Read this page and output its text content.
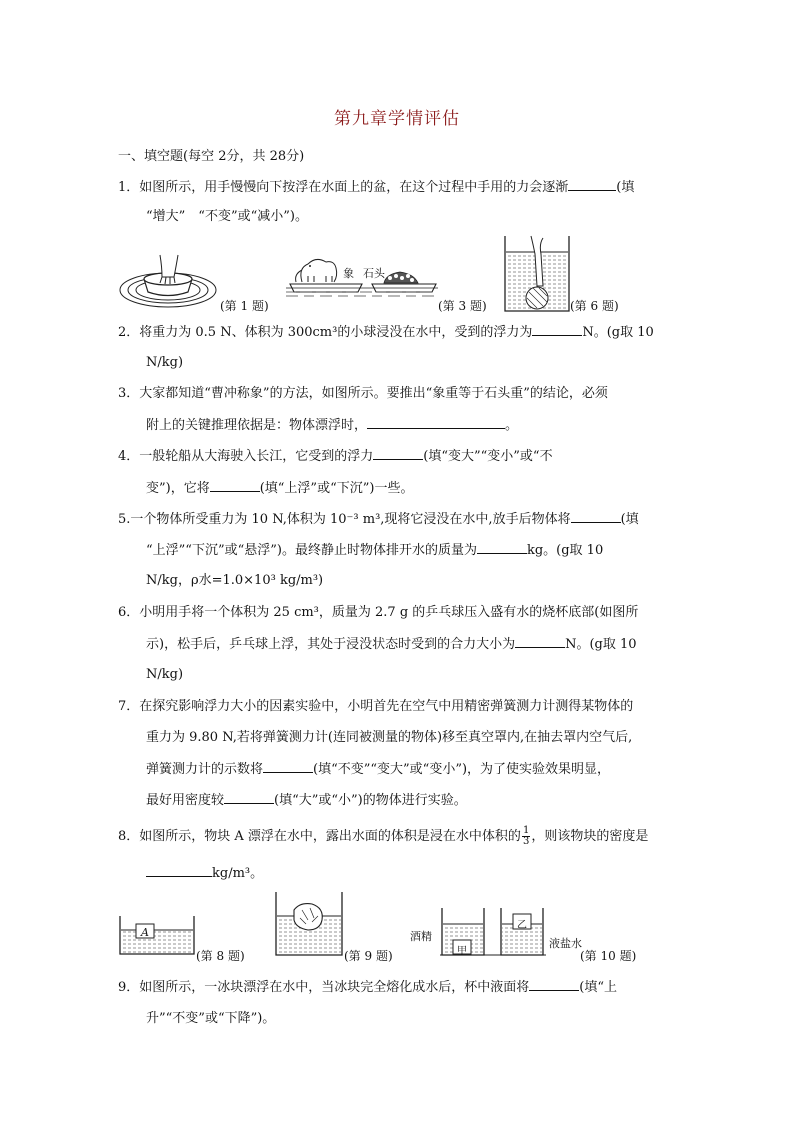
第九章学情评估
一、填空题(每空 2分，共 28分)
1．如图所示，用手慢慢向下按浮在水面上的盆，在这个过程中手用的力会逐渐	(填
“增大”　“不变”或“减小”)。
(第 1 题)
象 石头
(第 3 题)	(第 6 题)
2．将重力为 0.5 N、体积为 300cm³的小球浸没在水中，受到的浮力为	N。(g取 10
N/kg)
3．大家都知道“曹冲称象”的方法，如图所示。要推出“象重等于石头重”的结论，必须
附上的关键推理依据是：物体漂浮时，	。
4．一般轮船从大海驶入长江，它受到的浮力	(填“变大”“变小”或“不
变”)，它将	(填“上浮”或“下沉”)一些。
5.一个物体所受重力为 10 N,体积为 10⁻³ m³,现将它浸没在水中,放手后物体将	(填
“上浮”“下沉”或“悬浮”)。最终静止时物体排开水的质量为	kg。(g取 10
N/kg，ρ水=1.0×10³ kg/m³)
6．小明用手将一个体积为 25 cm³，质量为 2.7 g 的乒乓球压入盛有水的烧杯底部(如图所
示)，松手后，乒乓球上浮，其处于浸没状态时受到的合力大小为	N。(g取 10
N/kg)
7．在探究影响浮力大小的因素实验中，小明首先在空气中用精密弹簧测力计测得某物体的
重力为 9.80 N,若将弹簧测力计(连同被测量的物体)移至真空罩内,在抽去罩内空气后,
弹簧测力计的示数将	(填“不变”“变大”或“变小”)，为了使实验效果明显，
最好用密度较	(填“大”或“小”)的物体进行实验。
8．如图所示，物块 A 漂浮在水中，露出水面的体积是浸在水中体积的 $\frac{1}{3}$ ，则该物块的密度是
kg/m³。
A
(第 8 题)	(第 9 题)
酒精
甲
乙
液盐水
(第 10 题)
9．如图所示，一冰块漂浮在水中，当冰块完全熔化成水后，杯中液面将	(填“上
升”“不变”或“下降”)。
